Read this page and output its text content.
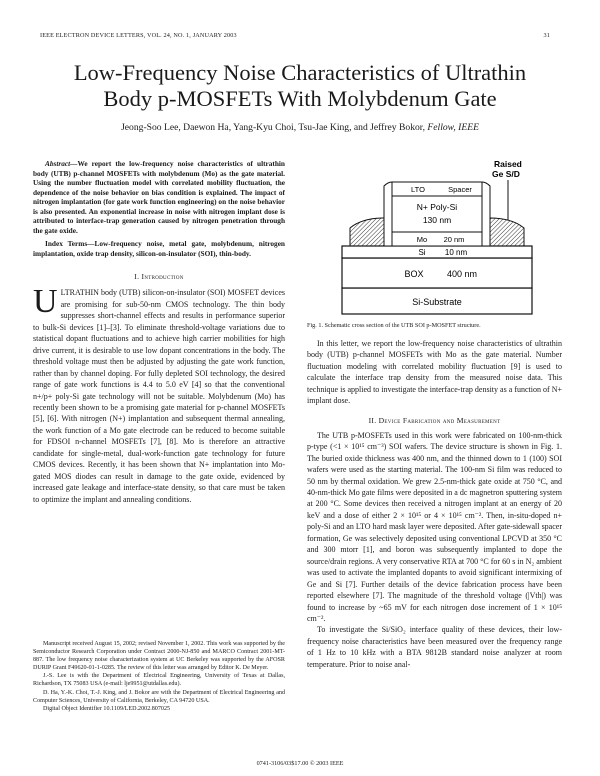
IEEE ELECTRON DEVICE LETTERS, VOL. 24, NO. 1, JANUARY 2003	31
Low-Frequency Noise Characteristics of Ultrathin
Body p-MOSFETs With Molybdenum Gate
Jeong-Soo Lee, Daewon Ha, Yang-Kyu Choi, Tsu-Jae King, and Jeffrey Bokor, Fellow, IEEE

Abstract—We report the low-frequency noise characteristics of ultrathin body (UTB) p-channel MOSFETs with molybdenum (Mo) as the gate material. Using the number fluctuation model with correlated mobility fluctuation, the dependence of the noise behavior on bias condition is explained. The impact of nitrogen implantation (for gate work function engineering) on the noise behavior is also presented. An exponential increase in noise with nitrogen implant dose is attributed to interface-trap generation caused by nitrogen penetration through the gate oxide.

Index Terms—Low-frequency noise, metal gate, molybdenum, nitrogen implantation, oxide trap density, silicon-on-insulator (SOI), thin-body.

I. Introduction
U LTRATHIN body (UTB) silicon-on-insulator (SOI) MOSFET devices are promising for sub-50-nm CMOS technology. The thin body suppresses short-channel effects and results in performance superior to bulk-Si devices [1]–[3]. To eliminate threshold-voltage variations due to statistical dopant fluctuations and to achieve high carrier mobilities for high drive current, it is desirable to use low dopant concentrations in the body. The threshold voltage must then be adjusted by adjusting the gate work function, rather than by channel doping. For fully depleted SOI technology, the desired range of gate work functions is 4.4 to 5.0 eV [4] so that the conventional n+/p+ poly-Si gate technology will not be suitable. Molybdenum (Mo) has recently been shown to be a promising gate material for p-channel MOSFETs [5], [6]. With nitrogen (N+) implantation and subsequent thermal annealing, the work function of a Mo gate electrode can be reduced to become suitable for FDSOI n-channel MOSFETs [7], [8]. Mo is therefore an attractive candidate for single-metal, dual-work-function gate technology for future CMOS devices. Recently, it has been shown that N+ implantation into Mo-gated MOS diodes can result in damage to the gate oxide, evidenced by increased gate leakage and interface-state density, so that care must be taken to optimize the implant and annealing conditions.

Manuscript received August 15, 2002; revised November 1, 2002. This work was supported by the Semiconductor Research Corporation under Contract 2000-NJ-850 and MARCO Contract 2001-MT-887. The low frequency noise characterization system at UC Berkeley was supported by the AFOSR DURIP Grant F49620-01-1-0285. The review of this letter was arranged by Editor K. De Meyer.

J.-S. Lee is with the Department of Electrical Engineering, University of Texas at Dallas, Richardson, TX 75083 USA (e-mail: lje9951@utdallas.edu).

D. Ha, Y.-K. Choi, T.-J. King, and J. Bokor are with the Department of Electrical Engineering and Computer Sciences, University of California, Berkeley, CA 94720 USA.

Digital Object Identifier 10.1109/LED.2002.807025

Si-Substrate
BOX	400 nm
Si 10 nm
LTO	Spacer
N+ Poly-Si
130 nm
Mo 20 nm
Raised
Ge S/D
Fig. 1. Schematic cross section of the UTB SOI p-MOSFET structure.

In this letter, we report the low-frequency noise characteristics of ultrathin body (UTB) p-channel MOSFETs with Mo as the gate material. Number fluctuation modeling with correlated mobility fluctuation [9] is used to calculate the interface trap density from the measured noise data. This technique is applied to investigate the interface-trap density as a function of N+ implant dose.

II. Device Fabrication and Measurement

The UTB p-MOSFETs used in this work were fabricated on 100-nm-thick p-type (<1 × 10¹⁵ cm⁻³) SOI wafers. The device structure is shown in Fig. 1. The buried oxide thickness was 400 nm, and the thinned down to 1 (100) SOI wafers were used as the starting material. The 100-nm Si film was reduced to 50 nm by thermal oxidation. We grew 2.5-nm-thick gate oxide at 750 °C, and 40-nm-thick Mo gate films were deposited in a dc magnetron sputtering system at 200 °C. Some devices then received a nitrogen implant at an energy of 20 keV and a dose of either 2 × 10¹⁵ or 4 × 10¹⁵ cm⁻². Then, in-situ-doped n+ poly-Si and an LTO hard mask layer were deposited. After gate-sidewall spacer formation, Ge was selectively deposited using conventional LPCVD at 350 °C and 300 mtorr [1], and boron was subsequently implanted to dope the source/drain regions. A very conservative RTA at 700 °C for 60 s in N₂ ambient was used to activate the implanted dopants to avoid significant intermixing of Ge and Si [7]. Further details of the device fabrication process have been reported elsewhere [7]. The magnitude of the threshold voltage (|Vth|) was found to increase by ~65 mV for each nitrogen dose increment of 1 × 10¹⁵ cm⁻².

To investigate the Si/SiO₂ interface quality of these devices, their low-frequency noise characteristics have been measured over the frequency range of 1 Hz to 10 kHz with a BTA 9812B standard noise analyzer at room temperature. Prior to noise anal-

0741-3106/03$17.00 © 2003 IEEE
